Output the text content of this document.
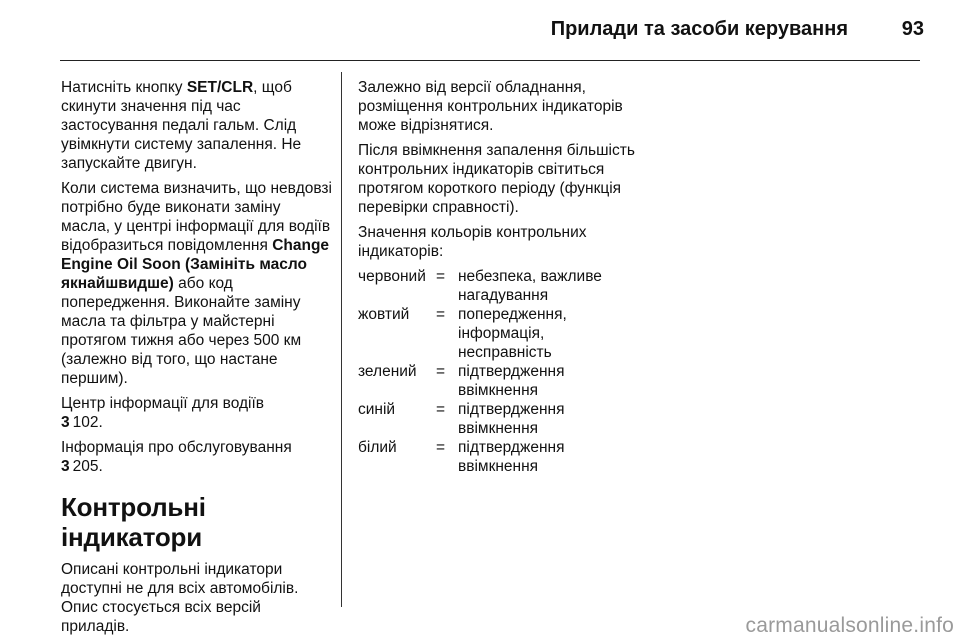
Прилади та засоби керування	93

Натисніть кнопку SET/CLR, щоб скинути значення під час застосування педалі гальм. Слід увімкнути систему запалення. Не запускайте двигун.

Коли система визначить, що невдовзі потрібно буде виконати заміну масла, у центрі інформації для водіїв відобразиться повідомлення Change Engine Oil Soon (Замініть масло якнайшвидше) або код попередження. Виконайте заміну масла та фільтра у майстерні протягом тижня або через 500 км (залежно від того, що настане першим).

Центр інформації для водіїв
3 102.

Інформація про обслуговування
3 205.

Контрольні індикатори

Описані контрольні індикатори доступні не для всіх автомобілів. Опис стосується всіх версій приладів.

Залежно від версії обладнання, розміщення контрольних індикаторів може відрізнятися.

Після ввімкнення запалення більшість контрольних індикаторів світиться протягом короткого періоду (функція перевірки справності).

Значення кольорів контрольних індикаторів:

червоний = небезпека, важливе нагадування
жовтий	= попередження, інформація, несправність
зелений	= підтвердження ввімкнення
синій	= підтвердження ввімкнення
білий	= підтвердження ввімкнення
carmanualsonline.info
